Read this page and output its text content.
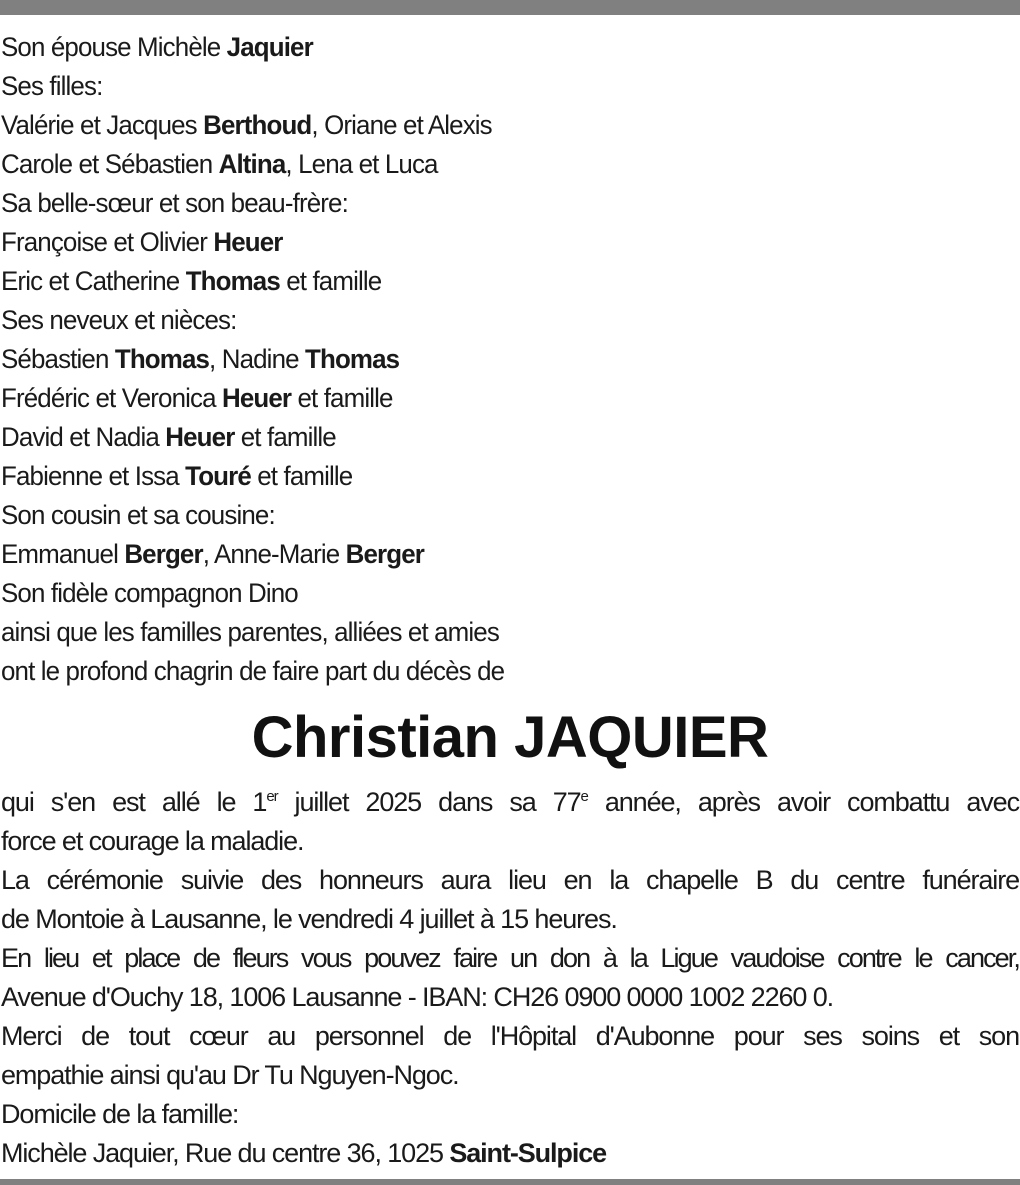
Son épouse Michèle Jaquier
Ses filles:
Valérie et Jacques Berthoud, Oriane et Alexis
Carole et Sébastien Altina, Lena et Luca
Sa belle-sœur et son beau-frère:
Françoise et Olivier Heuer
Eric et Catherine Thomas et famille
Ses neveux et nièces:
Sébastien Thomas, Nadine Thomas
Frédéric et Veronica Heuer et famille
David et Nadia Heuer et famille
Fabienne et Issa Touré et famille
Son cousin et sa cousine:
Emmanuel Berger, Anne-Marie Berger
Son fidèle compagnon Dino
ainsi que les familles parentes, alliées et amies
ont le profond chagrin de faire part du décès de
Christian JAQUIER
qui s'en est allé le 1er juillet 2025 dans sa 77e année, après avoir combattu avec
force et courage la maladie.
La cérémonie suivie des honneurs aura lieu en la chapelle B du centre funéraire
de Montoie à Lausanne, le vendredi 4 juillet à 15 heures.
En lieu et place de fleurs vous pouvez faire un don à la Ligue vaudoise contre le cancer,
Avenue d'Ouchy 18, 1006 Lausanne - IBAN: CH26 0900 0000 1002 2260 0.
Merci de tout cœur au personnel de l'Hôpital d'Aubonne pour ses soins et son
empathie ainsi qu'au Dr Tu Nguyen-Ngoc.
Domicile de la famille:
Michèle Jaquier, Rue du centre 36, 1025 Saint-Sulpice
